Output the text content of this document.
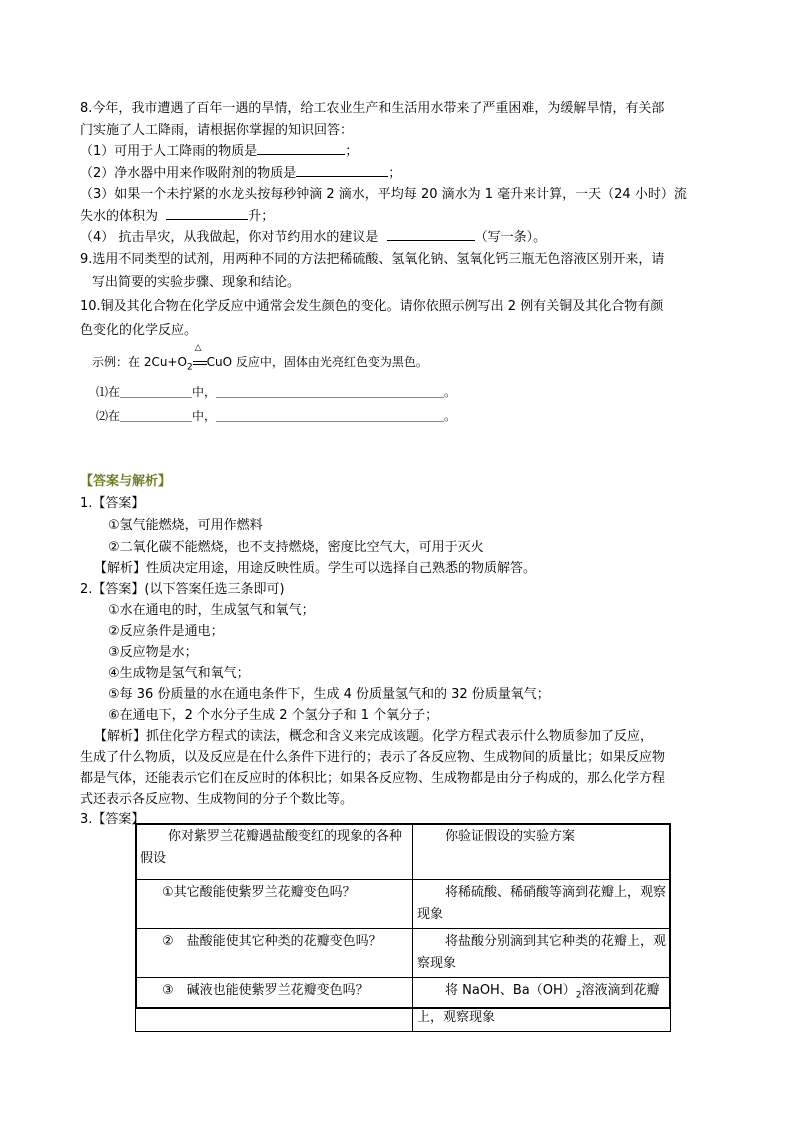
8.今年，我市遭遇了百年一遇的旱情，给工农业生产和生活用水带来了严重困难，为缓解旱情，有关部
门实施了人工降雨，请根据你掌握的知识回答：
（1）可用于人工降雨的物质是	；
（2）净水器中用来作吸附剂的物质是	；
（3）如果一个未拧紧的水龙头按每秒钟滴 2 滴水，平均每 20 滴水为 1 毫升来计算，一天（24 小时）流
失水的体积为	升；
（4） 抗击旱灾，从我做起，你对节约用水的建议是	（写一条）。
9.选用不同类型的试剂，用两种不同的方法把稀硫酸、氢氧化钠、氢氧化钙三瓶无色溶液区别开来，请
写出简要的实验步骤、现象和结论。
10.铜及其化合物在化学反应中通常会发生颜色的变化。请你依照示例写出 2 例有关铜及其化合物有颜
色变化的化学反应。
示例：在 $2Cu+O_2$
△
CuO 反应中，固体由光亮红色变为黑色。
⑴在＿＿＿＿＿＿中，＿＿＿＿＿＿＿＿＿＿＿＿＿＿＿＿＿＿＿。
⑵在＿＿＿＿＿＿中，＿＿＿＿＿＿＿＿＿＿＿＿＿＿＿＿＿＿＿。
【答案与解析】
1.【答案】
①氢气能燃烧，可用作燃料
②二氧化碳不能燃烧，也不支持燃烧，密度比空气大，可用于灭火
【解析】性质决定用途，用途反映性质。学生可以选择自己熟悉的物质解答。
2.【答案】(以下答案任选三条即可)
①水在通电的时，生成氢气和氧气；
②反应条件是通电；
③反应物是水；
④生成物是氢气和氧气；
⑤每 36 份质量的水在通电条件下，生成 4 份质量氢气和的 32 份质量氧气；
⑥在通电下，2 个水分子生成 2 个氢分子和 1 个氧分子；
【解析】抓住化学方程式的读法，概念和含义来完成该题。化学方程式表示什么物质参加了反应，
生成了什么物质，以及反应是在什么条件下进行的；表示了各反应物、生成物间的质量比；如果反应物
都是气体，还能表示它们在反应时的体积比；如果各反应物、生成物都是由分子构成的，那么化学方程
式还表示各反应物、生成物间的分子个数比等。
3.【答案】
你对紫罗兰花瓣遇盐酸变红的现象的各种假设	你验证假设的实验方案
①其它酸能使紫罗兰花瓣变色吗？	将稀硫酸、稀硝酸等滴到花瓣上，观察现象
②　盐酸能使其它种类的花瓣变色吗？	将盐酸分别滴到其它种类的花瓣上，观察现象
③　碱液也能使紫罗兰花瓣变色吗？	将 NaOH、$Ba(OH)_2$溶液滴到花瓣上，观察现象
